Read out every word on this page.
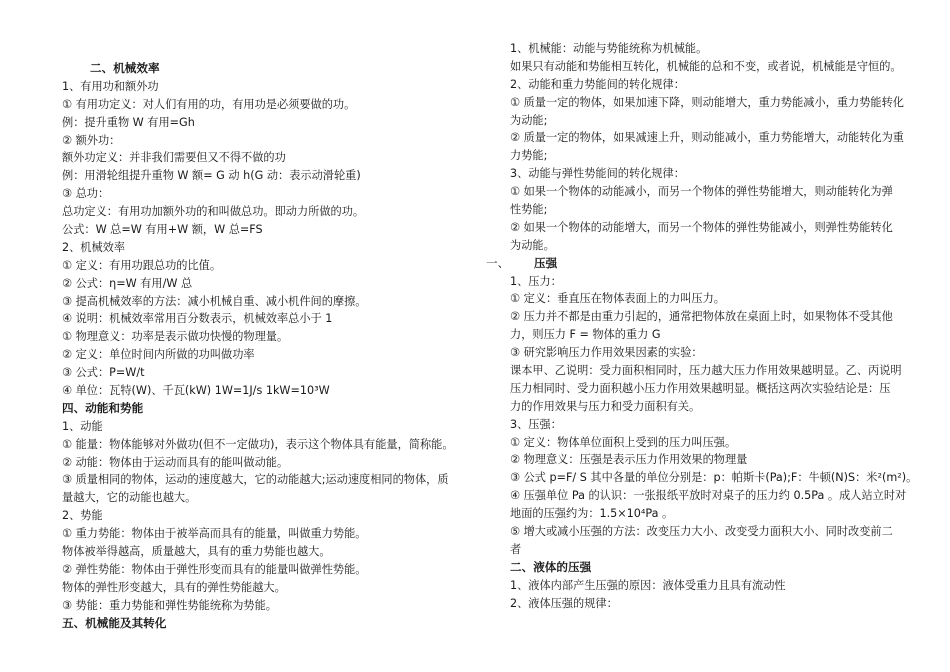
二、机械效率
1、有用功和额外功
① 有用功定义：对人们有用的功，有用功是必须要做的功。
例：提升重物 W 有用=Gh
② 额外功：
额外功定义：并非我们需要但又不得不做的功
例：用滑轮组提升重物 W 额= G 动 h(G 动：表示动滑轮重)
③ 总功：
总功定义：有用功加额外功的和叫做总功。即动力所做的功。
公式：W 总=W 有用+W 额，W 总=FS
2、机械效率
① 定义：有用功跟总功的比值。
② 公式：η=W 有用/W 总
③ 提高机械效率的方法：减小机械自重、减小机件间的摩擦。
④ 说明：机械效率常用百分数表示，机械效率总小于 1
① 物理意义：功率是表示做功快慢的物理量。
② 定义：单位时间内所做的功叫做功率
③ 公式：P=W/t
④ 单位：瓦特(W)、千瓦(kW) 1W=1J/s 1kW=10³W
四、动能和势能
1、动能
① 能量：物体能够对外做功(但不一定做功)，表示这个物体具有能量，简称能。
② 动能：物体由于运动而具有的能叫做动能。
③ 质量相同的物体，运动的速度越大，它的动能越大;运动速度相同的物体，质
量越大，它的动能也越大。
2、势能
① 重力势能：物体由于被举高而具有的能量，叫做重力势能。
物体被举得越高，质量越大，具有的重力势能也越大。
② 弹性势能：物体由于弹性形变而具有的能量叫做弹性势能。
物体的弹性形变越大，具有的弹性势能越大。
③ 势能：重力势能和弹性势能统称为势能。
五、机械能及其转化
1、机械能：动能与势能统称为机械能。
如果只有动能和势能相互转化，机械能的总和不变，或者说，机械能是守恒的。
2、动能和重力势能间的转化规律：
① 质量一定的物体，如果加速下降，则动能增大，重力势能减小，重力势能转化
为动能;
② 质量一定的物体，如果减速上升，则动能减小，重力势能增大，动能转化为重
力势能;
3、动能与弹性势能间的转化规律：
① 如果一个物体的动能减小，而另一个物体的弹性势能增大，则动能转化为弹
性势能;
② 如果一个物体的动能增大，而另一个物体的弹性势能减小，则弹性势能转化
为动能。
一、	压强
1、压力：
① 定义：垂直压在物体表面上的力叫压力。
② 压力并不都是由重力引起的，通常把物体放在桌面上时，如果物体不受其他
力，则压力 F = 物体的重力 G
③ 研究影响压力作用效果因素的实验：
课本甲、乙说明：受力面积相同时，压力越大压力作用效果越明显。乙、丙说明
压力相同时、受力面积越小压力作用效果越明显。概括这两次实验结论是：压
力的作用效果与压力和受力面积有关。
3、压强：
① 定义：物体单位面积上受到的压力叫压强。
② 物理意义：压强是表示压力作用效果的物理量
③ 公式 p=F/ S 其中各量的单位分别是：p：帕斯卡(Pa);F：牛顿(N)S：米²(m²)。
④ 压强单位 Pa 的认识：一张报纸平放时对桌子的压力约 0.5Pa 。成人站立时对
地面的压强约为：1.5×10⁴Pa 。
⑤ 增大或减小压强的方法：改变压力大小、改变受力面积大小、同时改变前二
者
二、液体的压强
1、液体内部产生压强的原因：液体受重力且具有流动性
2、液体压强的规律：
